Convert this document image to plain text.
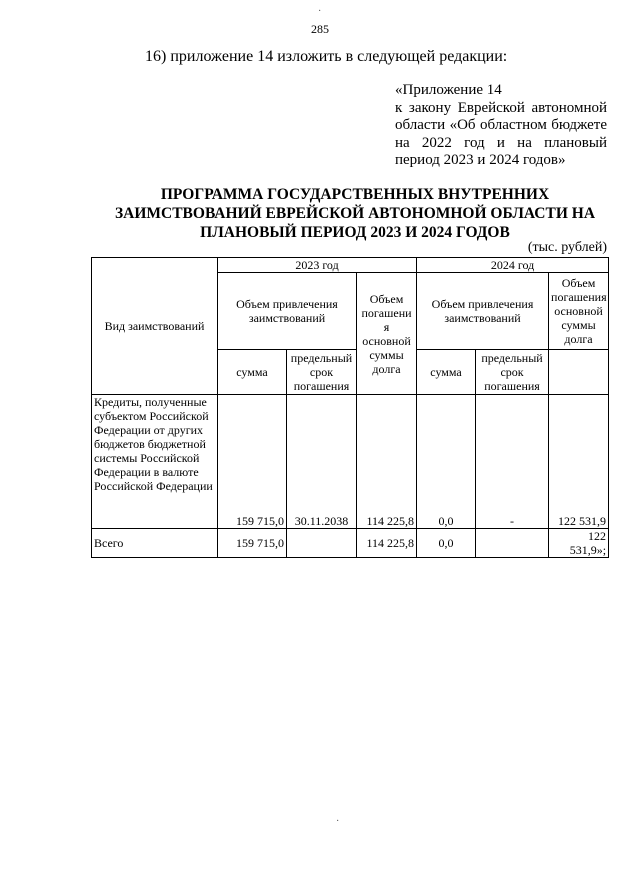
285
16) приложение 14 изложить в следующей редакции:
«Приложение 14
к закону Еврейской автономной
области «Об областном бюджете
на 2022 год и на плановый
период 2023 и 2024 годов»
ПРОГРАММА ГОСУДАРСТВЕННЫХ ВНУТРЕННИХ
ЗАИМСТВОВАНИЙ ЕВРЕЙСКОЙ АВТОНОМНОЙ ОБЛАСТИ НА
ПЛАНОВЫЙ ПЕРИОД 2023 И 2024 ГОДОВ
(тыс. рублей)
Вид заимствований	2023 год			2024 год		
	Объем привлечения заимствований		Объем погашени я основной суммы долга	Объем привлечения заимствований		Объем погашения основной суммы долга
	сумма	предельный срок погашения		сумма	предельный срок погашения	
Кредиты, полученные субъектом Российской Федерации от других бюджетов бюджетной системы Российской Федерации в валюте Российской Федерации	159 715,0	30.11.2038	114 225,8	0,0	-	122 531,9
Всего	159 715,0		114 225,8	0,0		122 531,9»;
·
·
